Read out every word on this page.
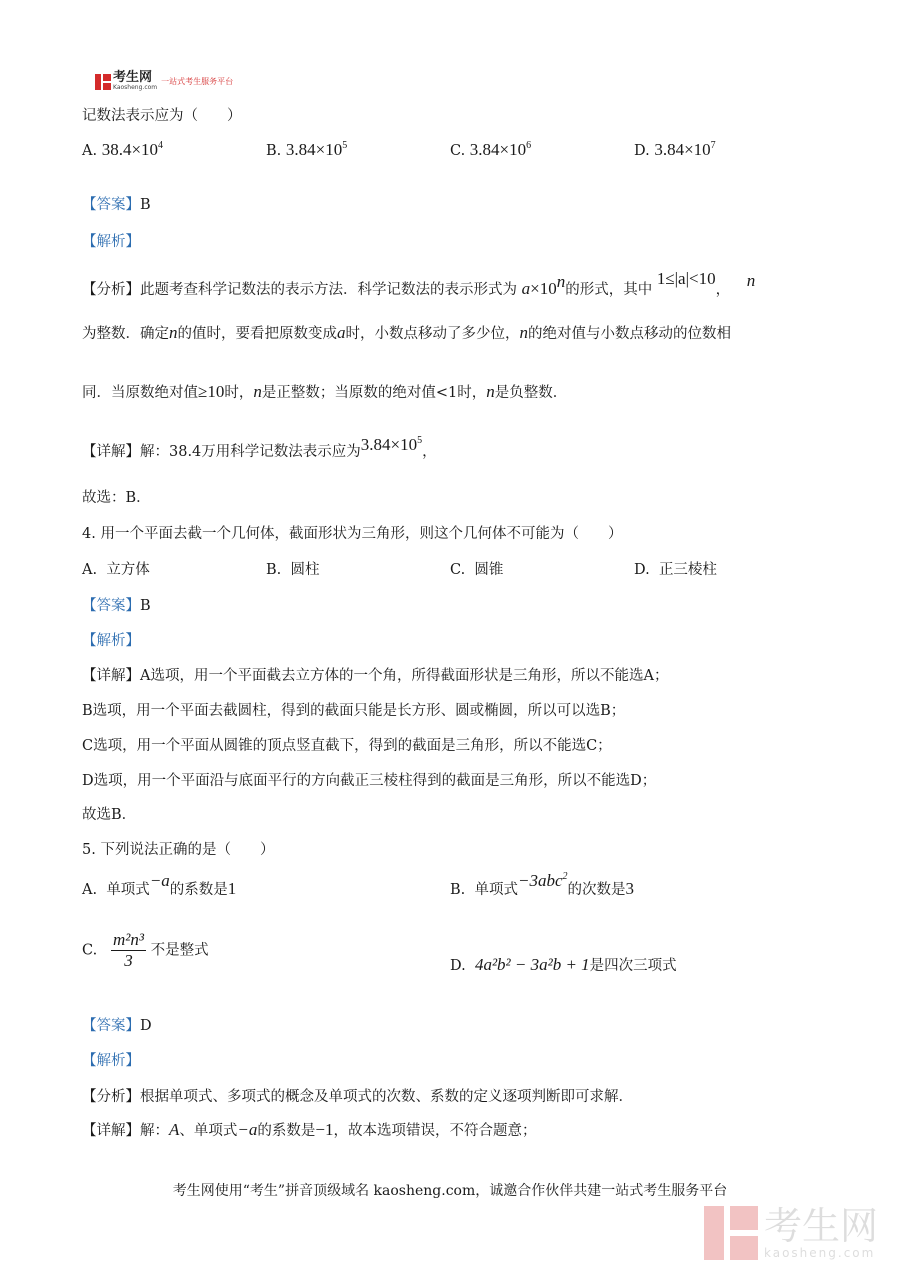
考生网
Kaosheng.com
一站式考生服务平台
记数法表示应为（　　）
A. $38.4\times 10^4$	B. $3.84\times 10^5$	C. $3.84\times 10^6$	D. $3.84\times 10^7$
【答案】B
【解析】
【分析】此题考查科学记数法的表示方法．科学记数法的表示形式为 $a\times 10^n$的形式，其中 1≤|a|<10， n
为整数．确定n的值时，要看把原数变成a时，小数点移动了多少位，n的绝对值与小数点移动的位数相
同．当原数绝对值≥10时，n是正整数；当原数的绝对值<1时，n是负整数．
【详解】解：38.4万用科学记数法表示应为$3.84\times 10^5$，
故选：B．
4. 用一个平面去截一个几何体，截面形状为三角形，则这个几何体不可能为（　　）
A. 立方体	B. 圆柱	C. 圆锥	D. 正三棱柱
【答案】B
【解析】
【详解】A选项，用一个平面截去立方体的一个角，所得截面形状是三角形，所以不能选A；
B选项，用一个平面去截圆柱，得到的截面只能是长方形、圆或椭圆，所以可以选B；
C选项，用一个平面从圆锥的顶点竖直截下，得到的截面是三角形，所以不能选C；
D选项，用一个平面沿与底面平行的方向截正三棱柱得到的截面是三角形，所以不能选D；
故选B．
5. 下列说法正确的是（　　）
A. 单项式−a的系数是1	B. 单项式−3abc$^2$的次数是3
C. $\frac{\text{m²n³}}{3}$ 不是整式
D. 4a²b² − 3a²b + 1是四次三项式
【答案】D
【解析】
【分析】根据单项式、多项式的概念及单项式的次数、系数的定义逐项判断即可求解．
【详解】解：A、单项式−a的系数是−1，故本选项错误，不符合题意；
考生网使用“考生”拼音顶级域名 kaosheng.com，诚邀合作伙伴共建一站式考生服务平台
考生网
kaosheng.com
